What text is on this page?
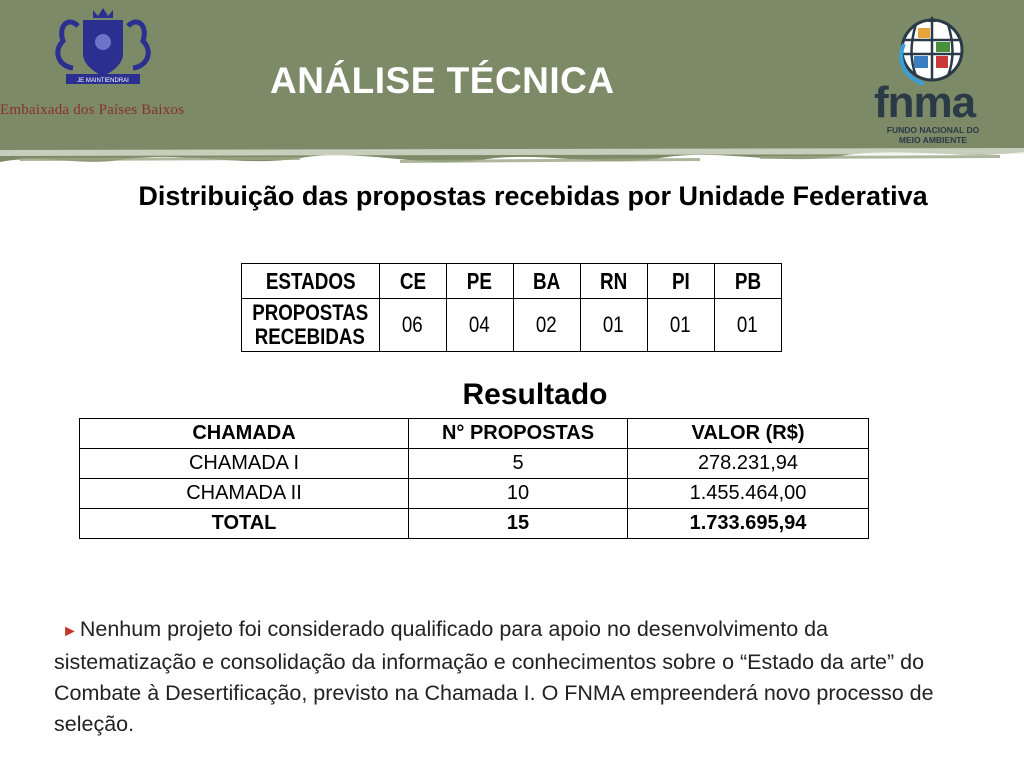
JE MAINTIENDRAI
Embaixada dos Países Baixos
ANÁLISE TÉCNICA	fnma
FUNDO NACIONAL DO
MEIO AMBIENTE
Distribuição das propostas recebidas por Unidade Federativa
ESTADOS	CE	PE	BA	RN	PI	PB
PROPOSTAS
RECEBIDAS	06	04	02	01	01	01
Resultado
CHAMADA	N° PROPOSTAS	VALOR (R$)
CHAMADA I	5	278.231,94
CHAMADA II	10	1.455.464,00
TOTAL	15	1.733.695,94
►Nenhum projeto foi considerado qualificado para apoio no desenvolvimento da sistematização e consolidação da informação e conhecimentos sobre o “Estado da arte” do Combate à Desertificação, previsto na Chamada I. O FNMA empreenderá novo processo de seleção.
